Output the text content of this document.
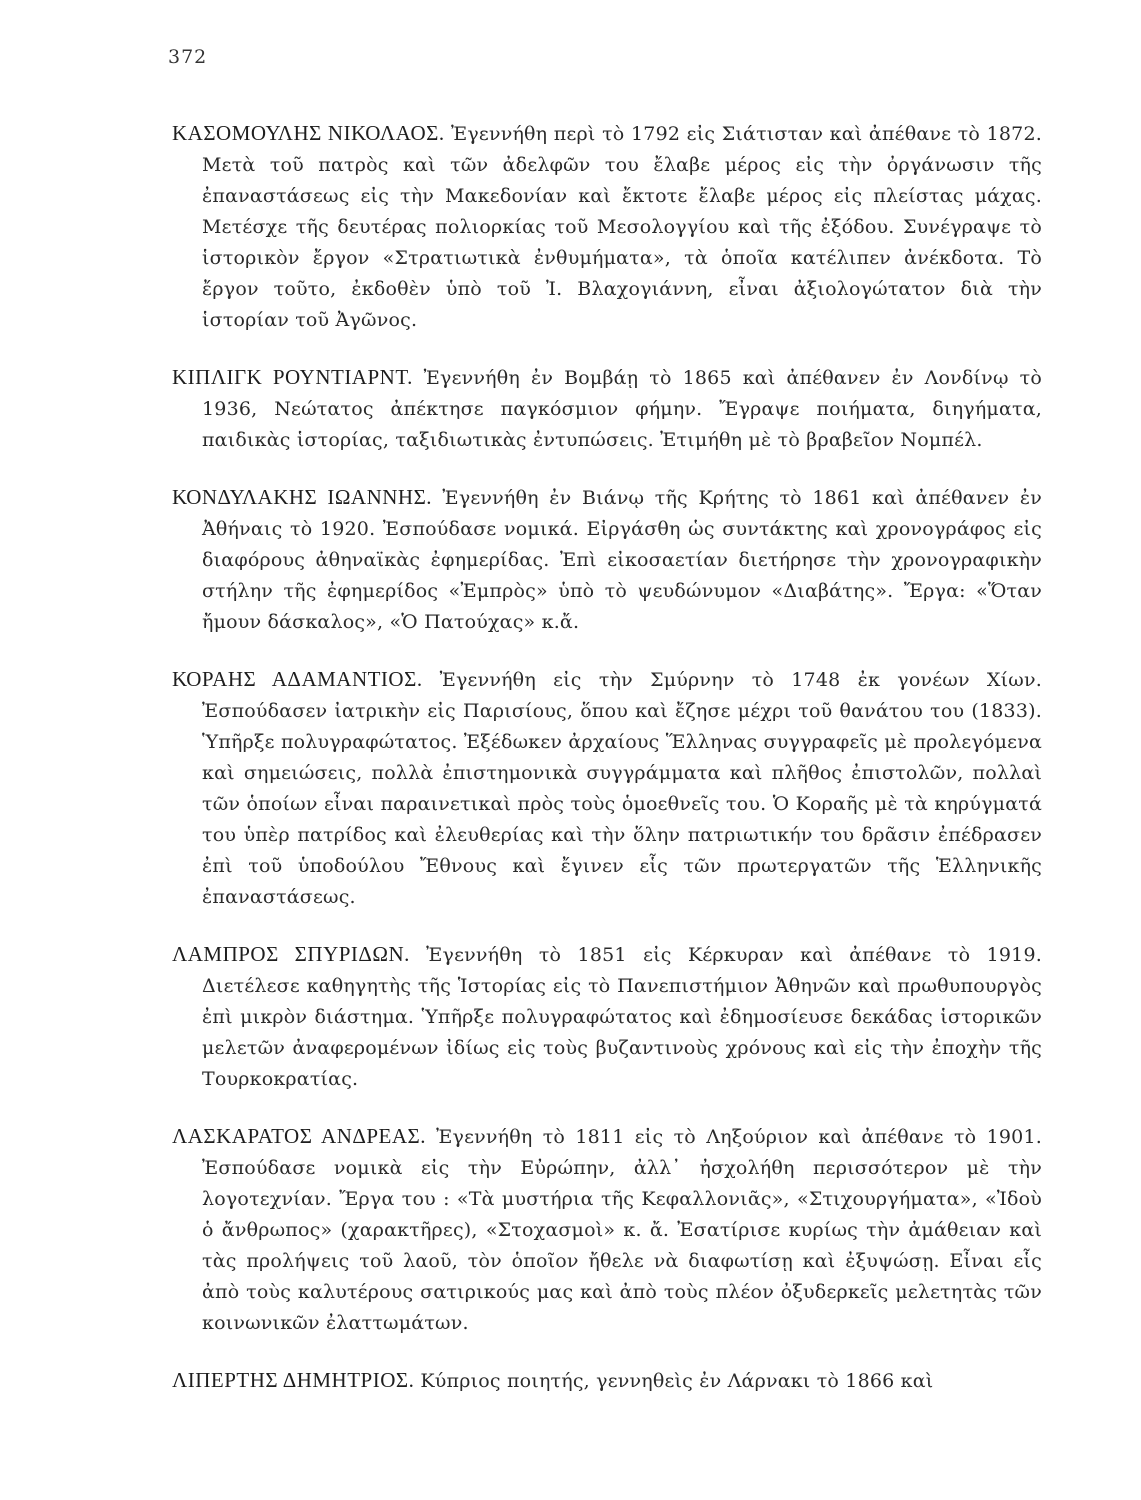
372

ΚΑΣΟΜΟΥΛΗΣ ΝΙΚΟΛΑΟΣ. Ἐγεννήθη περὶ τὸ 1792 εἰς Σιάτισταν καὶ ἀπέθανε τὸ 1872. Μετὰ τοῦ πατρὸς καὶ τῶν ἀδελφῶν του ἔλαβε μέρος εἰς τὴν ὀργάνωσιν τῆς ἐπαναστάσεως εἰς τὴν Μακεδονίαν καὶ ἔκτοτε ἔλαβε μέρος εἰς πλείστας μάχας. Μετέσχε τῆς δευτέρας πολιορκίας τοῦ Μεσολογγίου καὶ τῆς ἐξόδου. Συνέγραψε τὸ ἱστορικὸν ἔργον «Στρατιωτικὰ ἐνθυμήματα», τὰ ὁποῖα κατέλιπεν ἀνέκδοτα. Τὸ ἔργον τοῦτο, ἐκδοθὲν ὑπὸ τοῦ Ἰ. Βλαχογιάννη, εἶναι ἀξιολογώτατον διὰ τὴν ἱστορίαν τοῦ Ἀγῶνος.

ΚΙΠΛΙΓΚ ΡΟΥΝΤΙΑΡΝΤ. Ἐγεννήθη ἐν Βομβάῃ τὸ 1865 καὶ ἀπέθανεν ἐν Λονδίνῳ τὸ 1936, Νεώτατος ἀπέκτησε παγκόσμιον φήμην. Ἔγραψε ποιήματα, διηγήματα, παιδικὰς ἱστορίας, ταξιδιωτικὰς ἐντυπώσεις. Ἐτιμήθη μὲ τὸ βραβεῖον Νομπέλ.

ΚΟΝΔΥΛΑΚΗΣ ΙΩΑΝΝΗΣ. Ἐγεννήθη ἐν Βιάνῳ τῆς Κρήτης τὸ 1861 καὶ ἀπέθανεν ἐν Ἀθήναις τὸ 1920. Ἐσπούδασε νομικά. Εἰργάσθη ὡς συντάκτης καὶ χρονογράφος εἰς διαφόρους ἀθηναϊκὰς ἐφημερίδας. Ἐπὶ εἰκοσαετίαν διετήρησε τὴν χρονογραφικὴν στήλην τῆς ἐφημερίδος «Ἐμπρὸς» ὑπὸ τὸ ψευδώνυμον «Διαβάτης». Ἔργα: «Ὅταν ἤμουν δάσκαλος», «Ὁ Πατούχας» κ.ἄ.

ΚΟΡΑΗΣ ΑΔΑΜΑΝΤΙΟΣ. Ἐγεννήθη εἰς τὴν Σμύρνην τὸ 1748 ἐκ γονέων Χίων. Ἐσπούδασεν ἰατρικὴν εἰς Παρισίους, ὅπου καὶ ἔζησε μέχρι τοῦ θανάτου του (1833). Ὑπῆρξε πολυγραφώτατος. Ἐξέδωκεν ἀρχαίους Ἕλληνας συγγραφεῖς μὲ προλεγόμενα καὶ σημειώσεις, πολλὰ ἐπιστημονικὰ συγγράμματα καὶ πλῆθος ἐπιστολῶν, πολλαὶ τῶν ὁποίων εἶναι παραινετικαὶ πρὸς τοὺς ὁμοεθνεῖς του. Ὁ Κοραῆς μὲ τὰ κηρύγματά του ὑπὲρ πατρίδος καὶ ἐλευθερίας καὶ τὴν ὅλην πατριωτικήν του δρᾶσιν ἐπέδρασεν ἐπὶ τοῦ ὑποδούλου Ἔθνους καὶ ἔγινεν εἷς τῶν πρωτεργατῶν τῆς Ἑλληνικῆς ἐπαναστάσεως.

ΛΑΜΠΡΟΣ ΣΠΥΡΙΔΩΝ. Ἐγεννήθη τὸ 1851 εἰς Κέρκυραν καὶ ἀπέθανε τὸ 1919. Διετέλεσε καθηγητὴς τῆς Ἱστορίας εἰς τὸ Πανεπιστήμιον Ἀθηνῶν καὶ πρωθυπουργὸς ἐπὶ μικρὸν διάστημα. Ὑπῆρξε πολυγραφώτατος καὶ ἐδημοσίευσε δεκάδας ἱστορικῶν μελετῶν ἀναφερομένων ἰδίως εἰς τοὺς βυζαντινοὺς χρόνους καὶ εἰς τὴν ἐποχὴν τῆς Τουρκοκρατίας.

ΛΑΣΚΑΡΑΤΟΣ ΑΝΔΡΕΑΣ. Ἐγεννήθη τὸ 1811 εἰς τὸ Ληξούριον καὶ ἀπέθανε τὸ 1901. Ἐσπούδασε νομικὰ εἰς τὴν Εὐρώπην, ἀλλ᾽ ἠσχολήθη περισσότερον μὲ τὴν λογοτεχνίαν. Ἔργα του : «Τὰ μυστήρια τῆς Κεφαλλονιᾶς», «Στιχουργήματα», «Ἰδοὺ ὁ ἄνθρωπος» (χαρακτῆρες), «Στοχασμοὶ» κ. ἄ. Ἐσατίρισε κυρίως τὴν ἀμάθειαν καὶ τὰς προλήψεις τοῦ λαοῦ, τὸν ὁποῖον ἤθελε νὰ διαφωτίσῃ καὶ ἐξυψώσῃ. Εἶναι εἷς ἀπὸ τοὺς καλυτέρους σατιρικούς μας καὶ ἀπὸ τοὺς πλέον ὀξυδερκεῖς μελετητὰς τῶν κοινωνικῶν ἐλαττωμάτων.

ΛΙΠΕΡΤΗΣ ΔΗΜΗΤΡΙΟΣ. Κύπριος ποιητής, γεννηθεὶς ἐν Λάρνακι τὸ 1866 καὶ
